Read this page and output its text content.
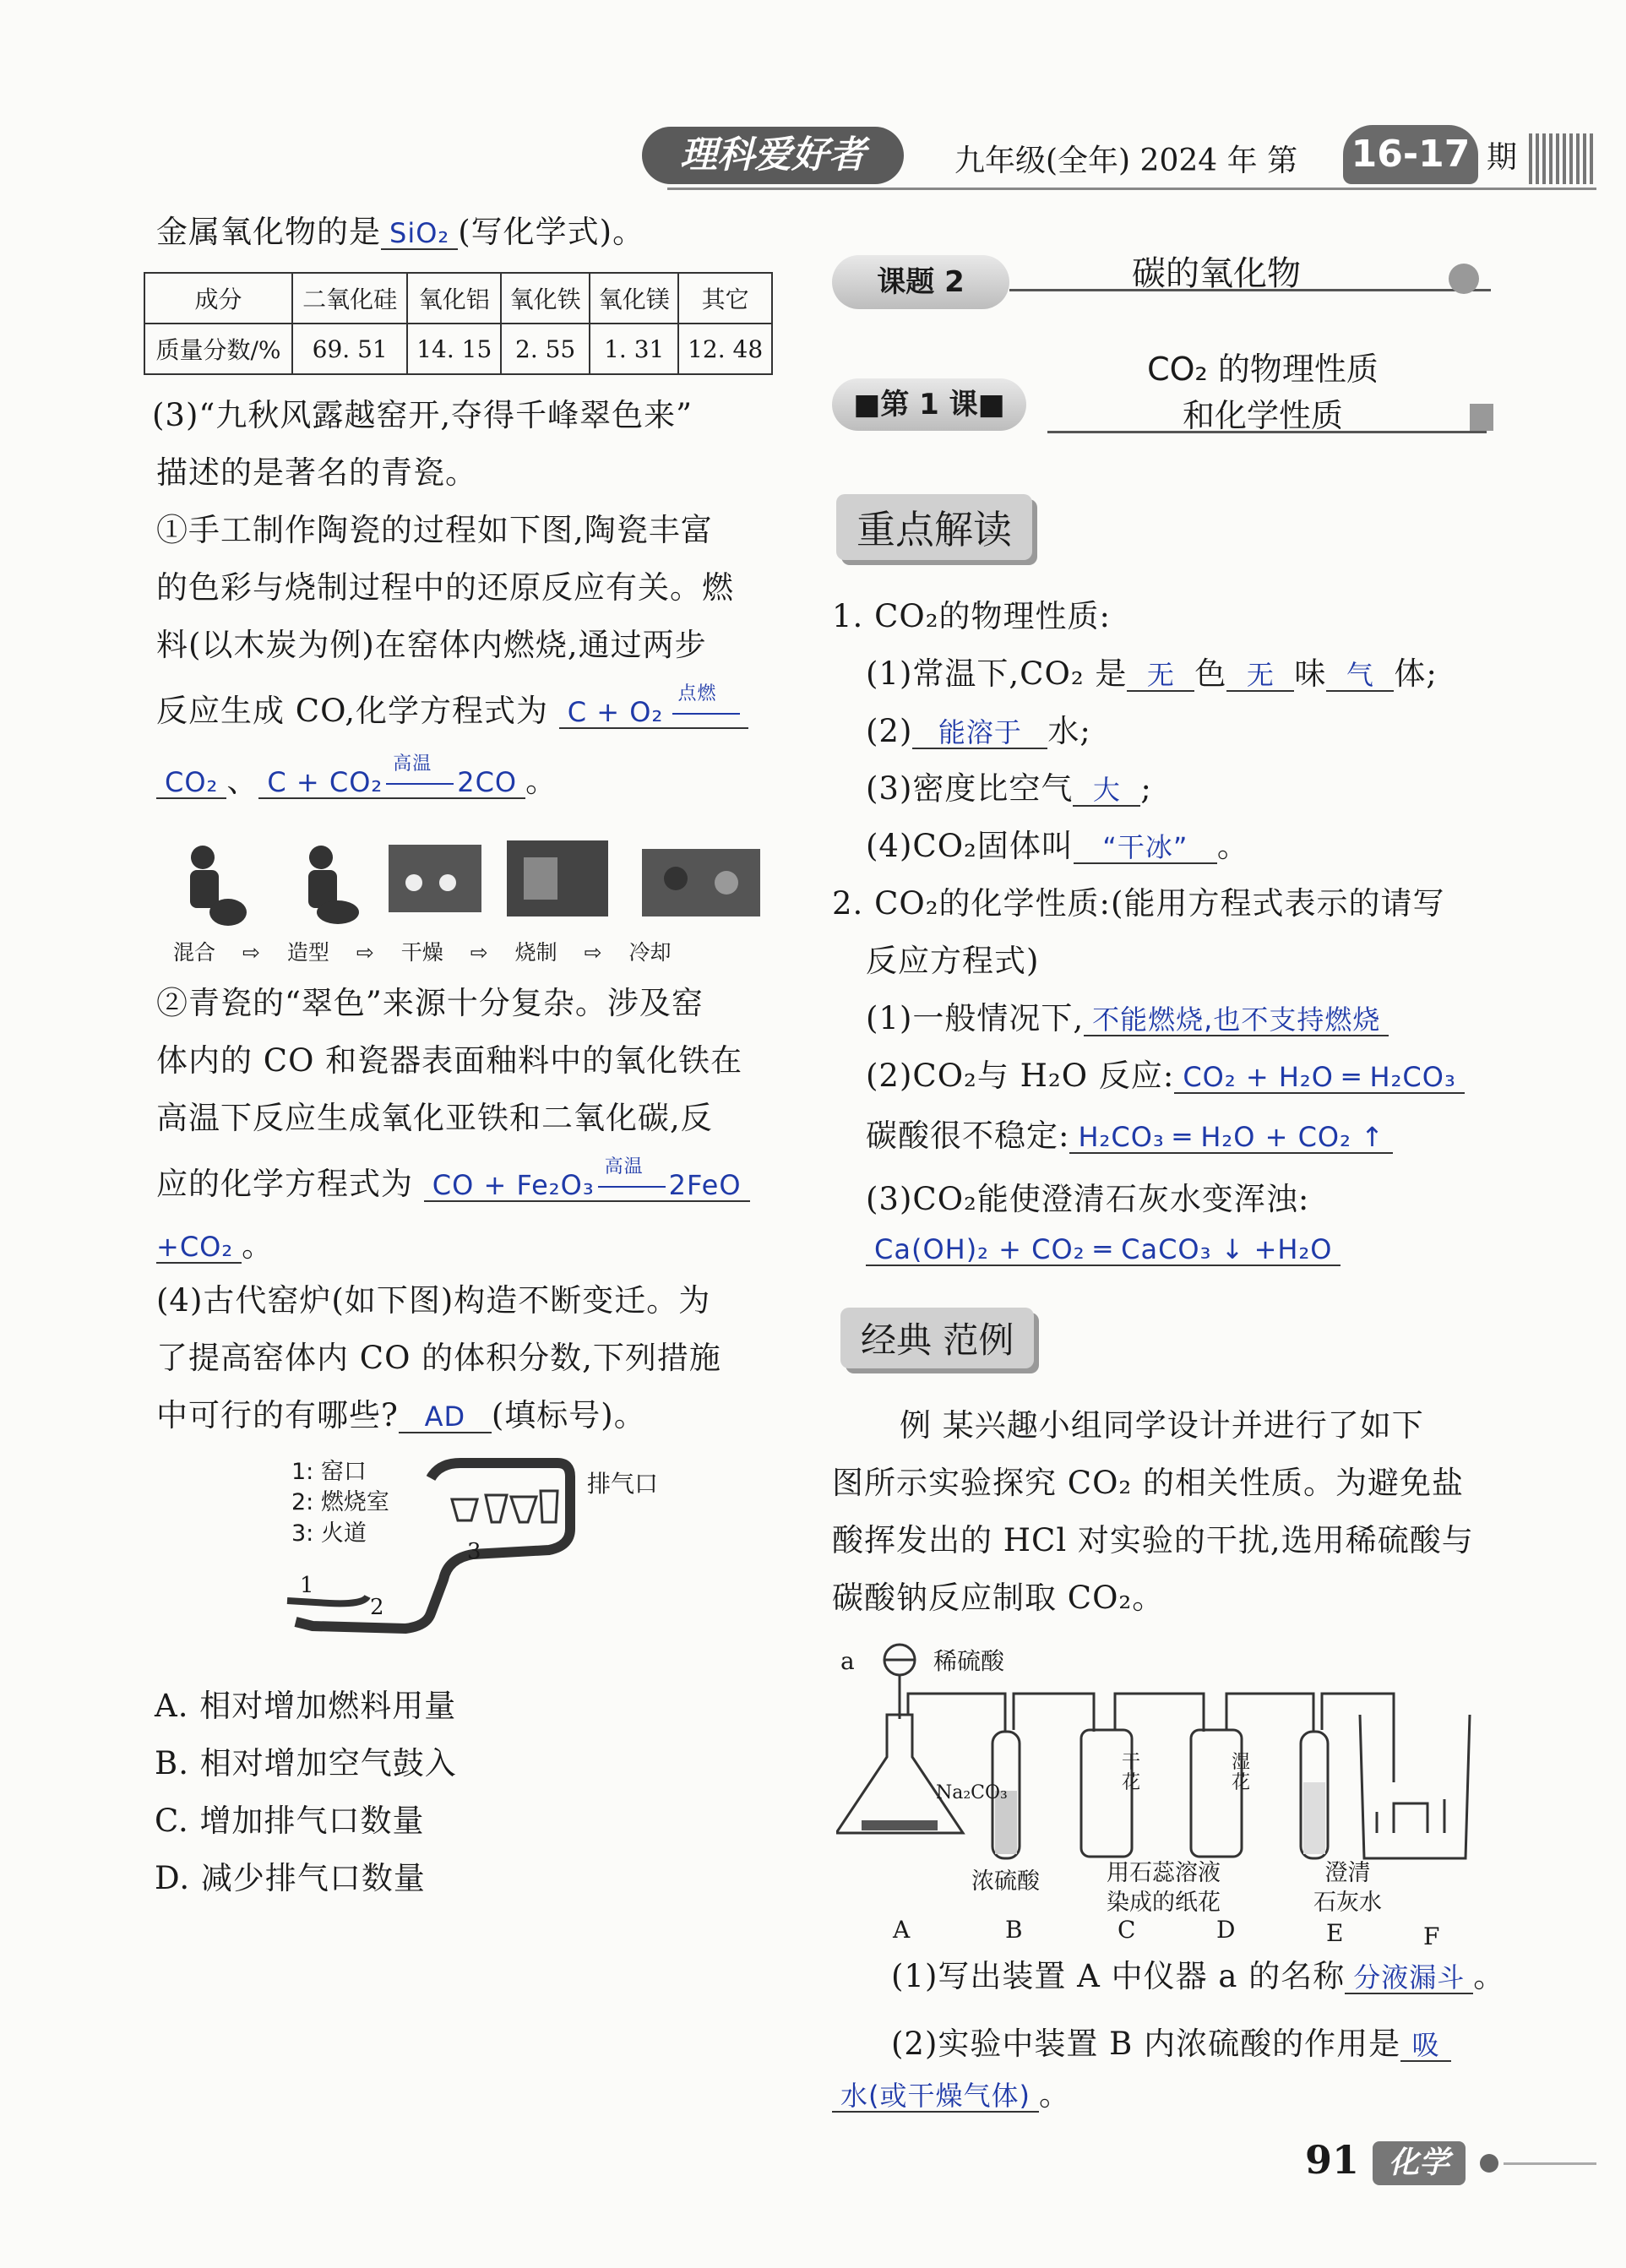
理科爱好者	九年级(全年) 2024 年 第 16-17 期
金属氧化物的是 SiO₂ (写化学式)。
成分	二氧化硅	氧化铝	氧化铁	氧化镁	其它
质量分数/%	69. 51	14. 15	2. 55	1. 31	12. 48
(3)“九秋风露越窑开,夺得千峰翠色来”
描述的是著名的青瓷。
①手工制作陶瓷的过程如下图,陶瓷丰富
的色彩与烧制过程中的还原反应有关。燃
料(以木炭为例)在窑体内燃烧,通过两步
反应生成 CO,化学方程式为 C + O₂
点燃
CO₂ 、 C + CO₂
高温
2CO 。
混合 ⇨ 造型 ⇨ 干燥 ⇨ 烧制 ⇨ 冷却
②青瓷的“翠色”来源十分复杂。涉及窑
体内的 CO 和瓷器表面釉料中的氧化铁在
高温下反应生成氧化亚铁和二氧化碳,反
应的化学方程式为 CO + Fe₂O₃
高温
2FeO
+CO₂ 。
(4)古代窑炉(如下图)构造不断变迁。为
了提高窑体内 CO 的体积分数,下列措施
中可行的有哪些? AD (填标号)。
1: 窑口
2: 燃烧室
3: 火道
排气口
1
2
3
A. 相对增加燃料用量
B. 相对增加空气鼓入
C. 增加排气口数量
D. 减少排气口数量
课题 2	碳的氧化物
■第 1 课■
CO₂ 的物理性质
和化学性质
重点解读
1. CO₂的物理性质:
(1)常温下,CO₂ 是 无 色 无 味 气 体;
(2) 能溶于 水;
(3)密度比空气 大 ;
(4)CO₂固体叫 “干冰” 。
2. CO₂的化学性质:(能用方程式表示的请写
反应方程式)
(1)一般情况下, 不能燃烧,也不支持燃烧
(2)CO₂与 H₂O 反应: CO₂ + H₂O ═ H₂CO₃
碳酸很不稳定: H₂CO₃ ═ H₂O + CO₂ ↑
(3)CO₂能使澄清石灰水变浑浊:
Ca(OH)₂ + CO₂ ═ CaCO₃ ↓ +H₂O
经典 范例
例 某兴趣小组同学设计并进行了如下
图所示实验探究 CO₂ 的相关性质。为避免盐
酸挥发出的 HCl 对实验的干扰,选用稀硫酸与
碳酸钠反应制取 CO₂。
a	稀硫酸
Na₂CO₃
干花
湿花
浓硫酸	用石蕊溶液
染成的纸花
澄清
石灰水
A	B	C	D	E	F
(1)写出装置 A 中仪器 a 的名称 分液漏斗 。
(2)实验中装置 B 内浓硫酸的作用是 吸
水(或干燥气体) 。
91 化学
